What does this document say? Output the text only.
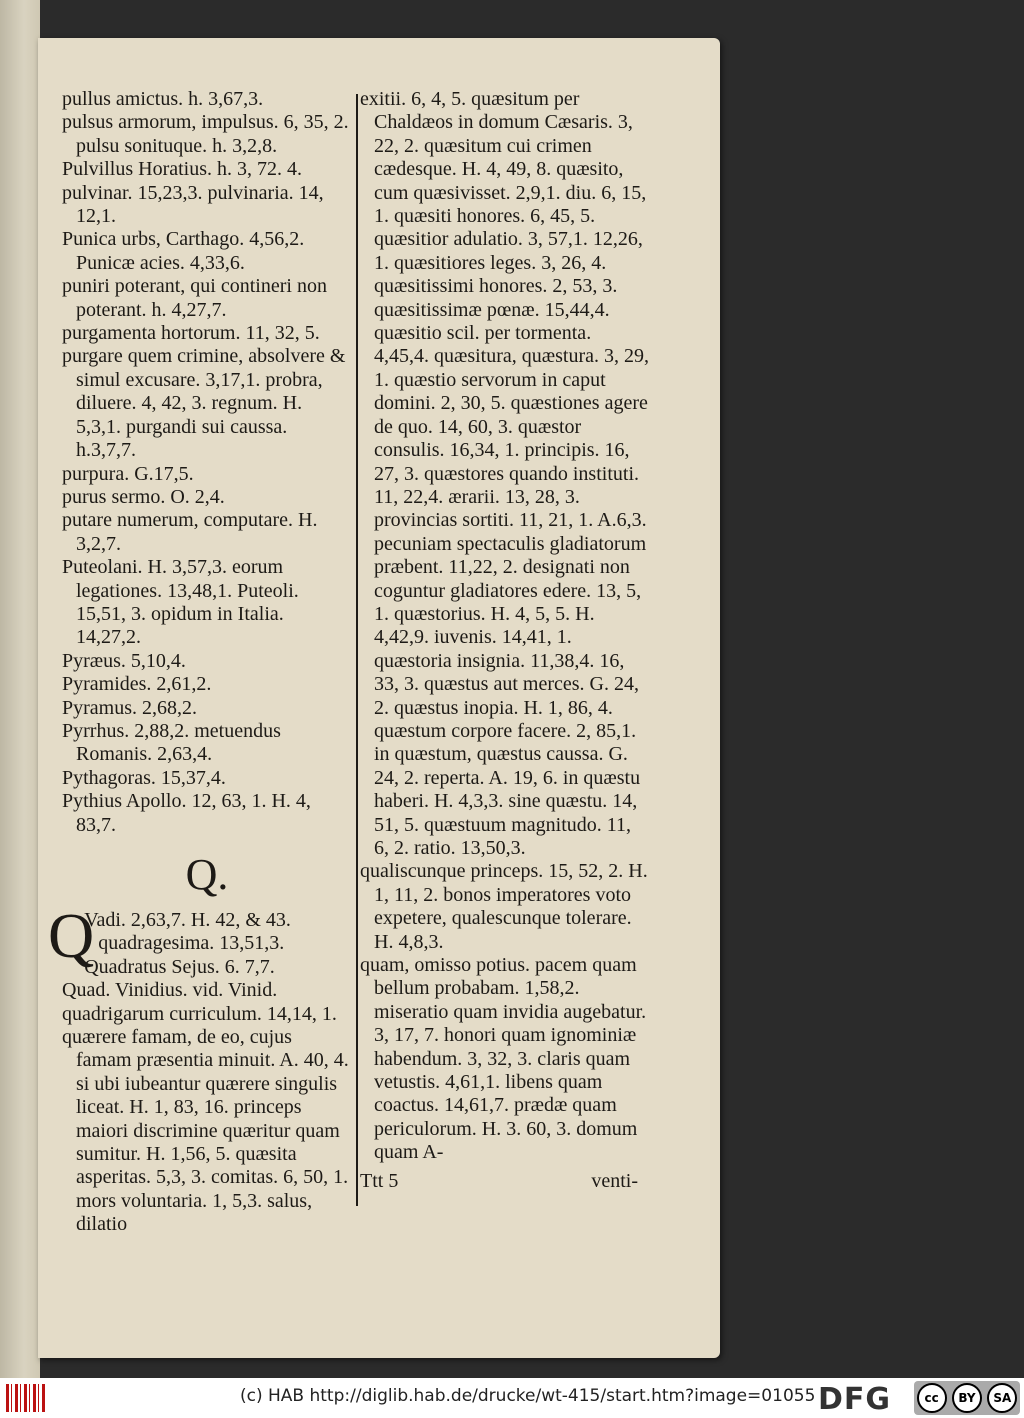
pullus amictus. h. 3,67,3.

pulsus armorum, impulsus. 6, 35, 2. pulsu sonituque. h. 3,2,8.

Pulvillus Horatius. h. 3, 72. 4.

pulvinar. 15,23,3. pulvinaria. 14, 12,1.

Punica urbs, Carthago. 4,56,2. Punicæ acies. 4,33,6.

puniri poterant, qui contineri non poterant. h. 4,27,7.

purgamenta hortorum. 11, 32, 5.

purgare quem crimine, absolvere & simul excusare. 3,17,1. probra, diluere. 4, 42, 3. regnum. H. 5,3,1. purgandi sui caussa. h.3,7,7.

purpura. G.17,5.

purus sermo. O. 2,4.

putare numerum, computare. H. 3,2,7.

Puteolani. H. 3,57,3. eorum legationes. 13,48,1. Puteoli. 15,51, 3. opidum in Italia. 14,27,2.

Pyræus. 5,10,4.

Pyramides. 2,61,2.

Pyramus. 2,68,2.

Pyrrhus. 2,88,2. metuendus Romanis. 2,63,4.

Pythagoras. 15,37,4.

Pythius Apollo. 12, 63, 1. H. 4, 83,7.

Q.

Q
Vadi. 2,63,7. H. 42, & 43. quadragesima. 13,51,3.

Quadratus Sejus. 6. 7,7.

Quad. Vinidius. vid. Vinid.

quadrigarum curriculum. 14,14, 1.

quærere famam, de eo, cujus famam præsentia minuit. A. 40, 4. si ubi iubeantur quærere singulis liceat. H. 1, 83, 16. princeps maiori discrimine quæritur quam sumitur. H. 1,56, 5. quæsita asperitas. 5,3, 3. comitas. 6, 50, 1. mors voluntaria. 1, 5,3. salus, dilatio

exitii. 6, 4, 5. quæsitum per Chaldæos in domum Cæsaris. 3, 22, 2. quæsitum cui crimen cædesque. H. 4, 49, 8. quæsito, cum quæsivisset. 2,9,1. diu. 6, 15, 1. quæsiti honores. 6, 45, 5. quæsitior adulatio. 3, 57,1. 12,26, 1. quæsitiores leges. 3, 26, 4. quæsitissimi honores. 2, 53, 3. quæsitissimæ pœnæ. 15,44,4. quæsitio scil. per tormenta. 4,45,4. quæsitura, quæstura. 3, 29, 1. quæstio servorum in caput domini. 2, 30, 5. quæstiones agere de quo. 14, 60, 3. quæstor consulis. 16,34, 1. principis. 16, 27, 3. quæstores quando instituti. 11, 22,4. ærarii. 13, 28, 3. provincias sortiti. 11, 21, 1. A.6,3. pecuniam spectaculis gladiatorum præbent. 11,22, 2. designati non coguntur gladiatores edere. 13, 5, 1. quæstorius. H. 4, 5, 5. H. 4,42,9. iuvenis. 14,41, 1. quæstoria insignia. 11,38,4. 16, 33, 3. quæstus aut merces. G. 24, 2. quæstus inopia. H. 1, 86, 4. quæstum corpore facere. 2, 85,1. in quæstum, quæstus caussa. G. 24, 2. reperta. A. 19, 6. in quæstu haberi. H. 4,3,3. sine quæstu. 14, 51, 5. quæstuum magnitudo. 11, 6, 2. ratio. 13,50,3.

qualiscunque princeps. 15, 52, 2. H. 1, 11, 2. bonos imperatores voto expetere, qualescunque tolerare. H. 4,8,3.

quam, omisso potius. pacem quam bellum probabam. 1,58,2. miseratio quam invidia augebatur. 3, 17, 7. honori quam ignominiæ habendum. 3, 32, 3. claris quam vetustis. 4,61,1. libens quam coactus. 14,61,7. prædæ quam periculorum. H. 3. 60, 3. domum quam A-

Ttt 5	venti-
(c) HAB http://diglib.hab.de/drucke/wt-415/start.htm?image=01055 DFG	cc	BY	SA
